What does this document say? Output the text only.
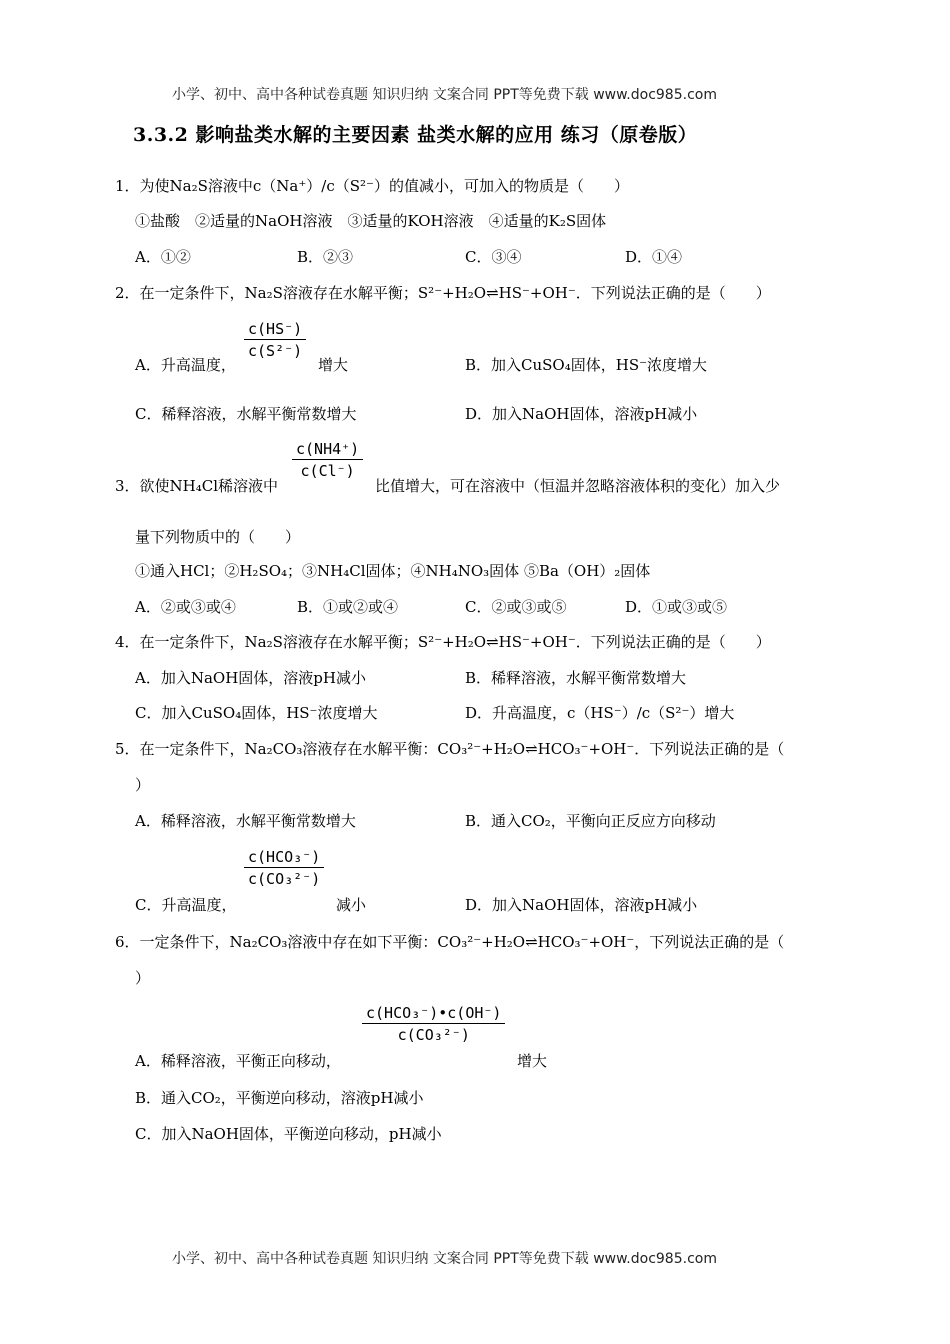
小学、初中、高中各种试卷真题 知识归纳 文案合同 PPT等免费下载 www.doc985.com
3.3.2 影响盐类水解的主要因素 盐类水解的应用 练习（原卷版）
1．为使Na₂S溶液中c（Na⁺）/c（S²⁻）的值减小，可加入的物质是（　　）
①盐酸　②适量的NaOH溶液　③适量的KOH溶液　④适量的K₂S固体
A．①②	B．②③	C．③④	D．①④
2．在一定条件下，Na₂S溶液存在水解平衡；S²⁻+H₂O⇌HS⁻+OH⁻．下列说法正确的是（　　）
A．升高温度，
$\frac{c(HS^-)}{\text{c(S²⁻)}}$
增大	B．加入CuSO₄固体，HS⁻浓度增大
C．稀释溶液，水解平衡常数增大	D．加入NaOH固体，溶液pH减小
3．欲使NH₄Cl稀溶液中
$\frac{c(NH4^+)}{c(Cl^-)}$
比值增大，可在溶液中（恒温并忽略溶液体积的变化）加入少
量下列物质中的（　　）
①通入HCl；②H₂SO₄；③NH₄Cl固体；④NH₄NO₃固体 ⑤Ba（OH）₂固体
A．②或③或④	B．①或②或④	C．②或③或⑤	D．①或③或⑤
4．在一定条件下，Na₂S溶液存在水解平衡；S²⁻+H₂O⇌HS⁻+OH⁻．下列说法正确的是（　　）
A．加入NaOH固体，溶液pH减小	B．稀释溶液，水解平衡常数增大
C．加入CuSO₄固体，HS⁻浓度增大	D．升高温度，c（HS⁻）/c（S²⁻）增大
5．在一定条件下，Na₂CO₃溶液存在水解平衡：CO₃²⁻+H₂O⇌HCO₃⁻+OH⁻．下列说法正确的是（
）
A．稀释溶液，水解平衡常数增大	B．通入CO₂，平衡向正反应方向移动
C．升高温度，
c(HCO₃⁻)
c(CO₃²⁻)
减小	D．加入NaOH固体，溶液pH减小
6．一定条件下，Na₂CO₃溶液中存在如下平衡：CO₃²⁻+H₂O⇌HCO₃⁻+OH⁻，下列说法正确的是（
）
A．稀释溶液，平衡正向移动，
c(HCO₃⁻)•c(OH⁻)
c(CO₃²⁻)
增大
B．通入CO₂，平衡逆向移动，溶液pH减小
C．加入NaOH固体，平衡逆向移动，pH减小
小学、初中、高中各种试卷真题 知识归纳 文案合同 PPT等免费下载 www.doc985.com
